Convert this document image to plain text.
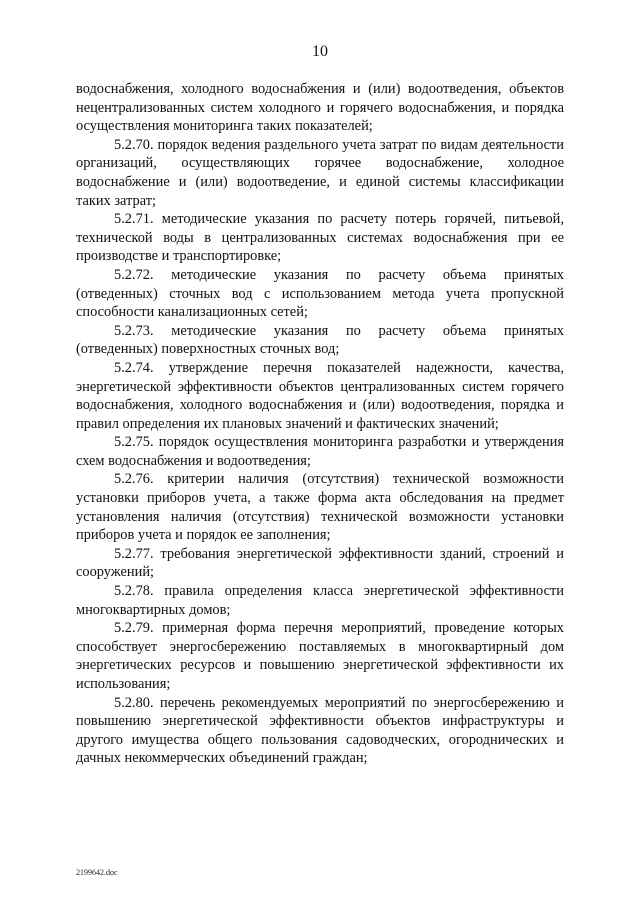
10

водоснабжения, холодного водоснабжения и (или) водоотведения, объектов нецентрализованных систем холодного и горячего водоснабжения, и порядка осуществления мониторинга таких показателей;

5.2.70. порядок ведения раздельного учета затрат по видам деятельности организаций, осуществляющих горячее водоснабжение, холодное водоснабжение и (или) водоотведение, и единой системы классификации таких затрат;

5.2.71. методические указания по расчету потерь горячей, питьевой, технической воды в централизованных системах водоснабжения при ее производстве и транспортировке;

5.2.72. методические указания по расчету объема принятых (отведенных) сточных вод с использованием метода учета пропускной способности канализационных сетей;

5.2.73. методические указания по расчету объема принятых (отведенных) поверхностных сточных вод;

5.2.74. утверждение перечня показателей надежности, качества, энергетической эффективности объектов централизованных систем горячего водоснабжения, холодного водоснабжения и (или) водоотведения, порядка и правил определения их плановых значений и фактических значений;

5.2.75. порядок осуществления мониторинга разработки и утверждения схем водоснабжения и водоотведения;

5.2.76. критерии наличия (отсутствия) технической возможности установки приборов учета, а также форма акта обследования на предмет установления наличия (отсутствия) технической возможности установки приборов учета и порядок ее заполнения;

5.2.77. требования энергетической эффективности зданий, строений и сооружений;

5.2.78. правила определения класса энергетической эффективности многоквартирных домов;

5.2.79. примерная форма перечня мероприятий, проведение которых способствует энергосбережению поставляемых в многоквартирный дом энергетических ресурсов и повышению энергетической эффективности их использования;

5.2.80. перечень рекомендуемых мероприятий по энергосбережению и повышению энергетической эффективности объектов инфраструктуры и другого имущества общего пользования садоводческих, огороднических и дачных некоммерческих объединений граждан;

2199642.doc
